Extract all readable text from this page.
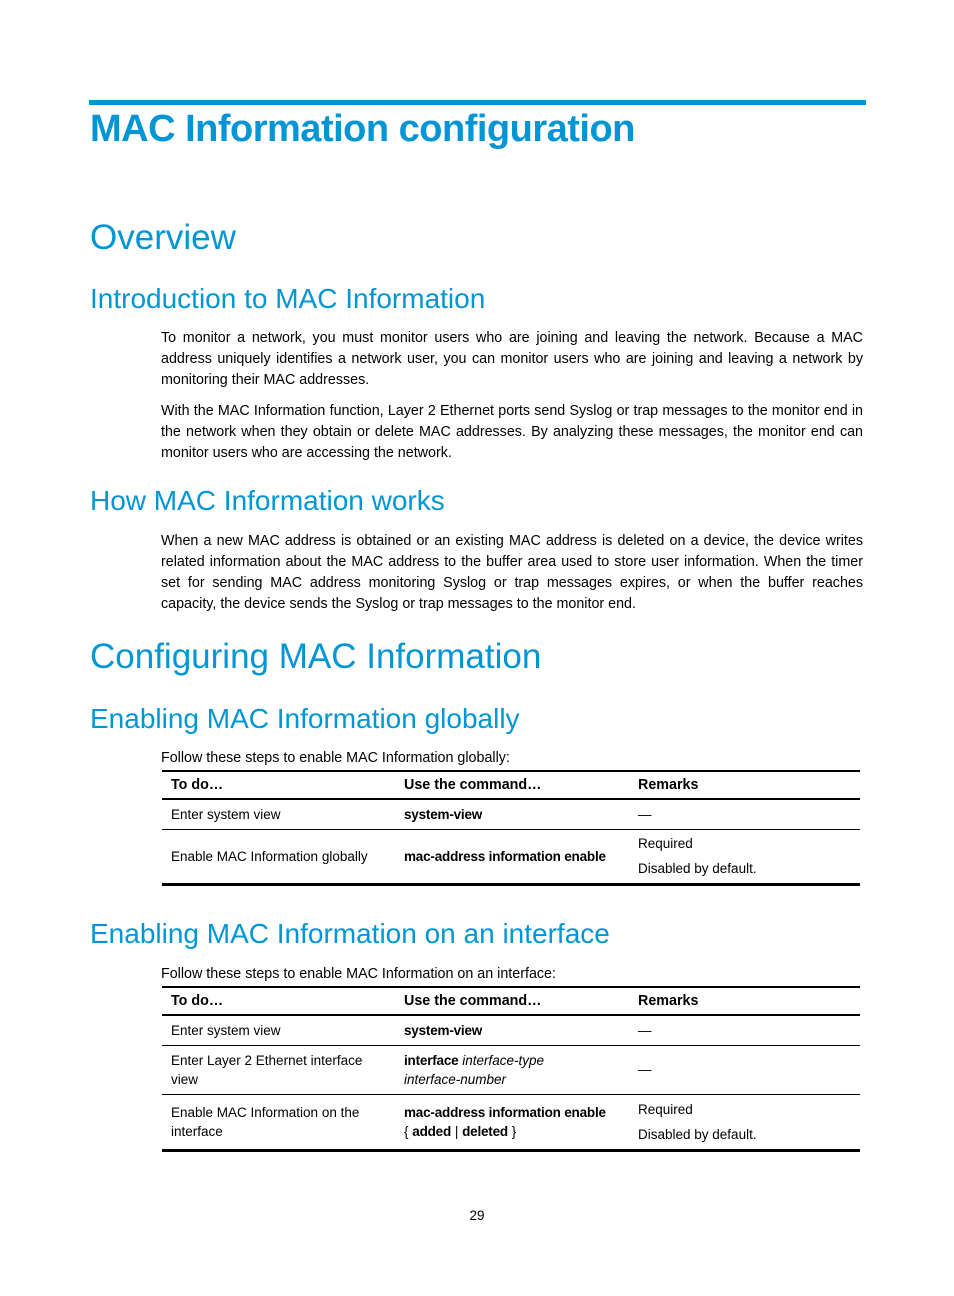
MAC Information configuration
Overview
Introduction to MAC Information

To monitor a network, you must monitor users who are joining and leaving the network. Because a MAC address uniquely identifies a network user, you can monitor users who are joining and leaving a network by monitoring their MAC addresses.

With the MAC Information function, Layer 2 Ethernet ports send Syslog or trap messages to the monitor end in the network when they obtain or delete MAC addresses. By analyzing these messages, the monitor end can monitor users who are accessing the network.

How MAC Information works

When a new MAC address is obtained or an existing MAC address is deleted on a device, the device writes related information about the MAC address to the buffer area used to store user information. When the timer set for sending MAC address monitoring Syslog or trap messages expires, or when the buffer reaches capacity, the device sends the Syslog or trap messages to the monitor end.

Configuring MAC Information
Enabling MAC Information globally

Follow these steps to enable MAC Information globally:

To do…	Use the command…	Remarks
Enter system view	system-view	—
Enable MAC Information globally	mac-address information enable	Required
Disabled by default.
Enabling MAC Information on an interface

Follow these steps to enable MAC Information on an interface:

To do…	Use the command…	Remarks
Enter system view	system-view	—
Enter Layer 2 Ethernet interface
view	interface interface-type
interface-number	—
Enable MAC Information on the
interface	mac-address information enable
{ added | deleted }	Required
Disabled by default.
29
